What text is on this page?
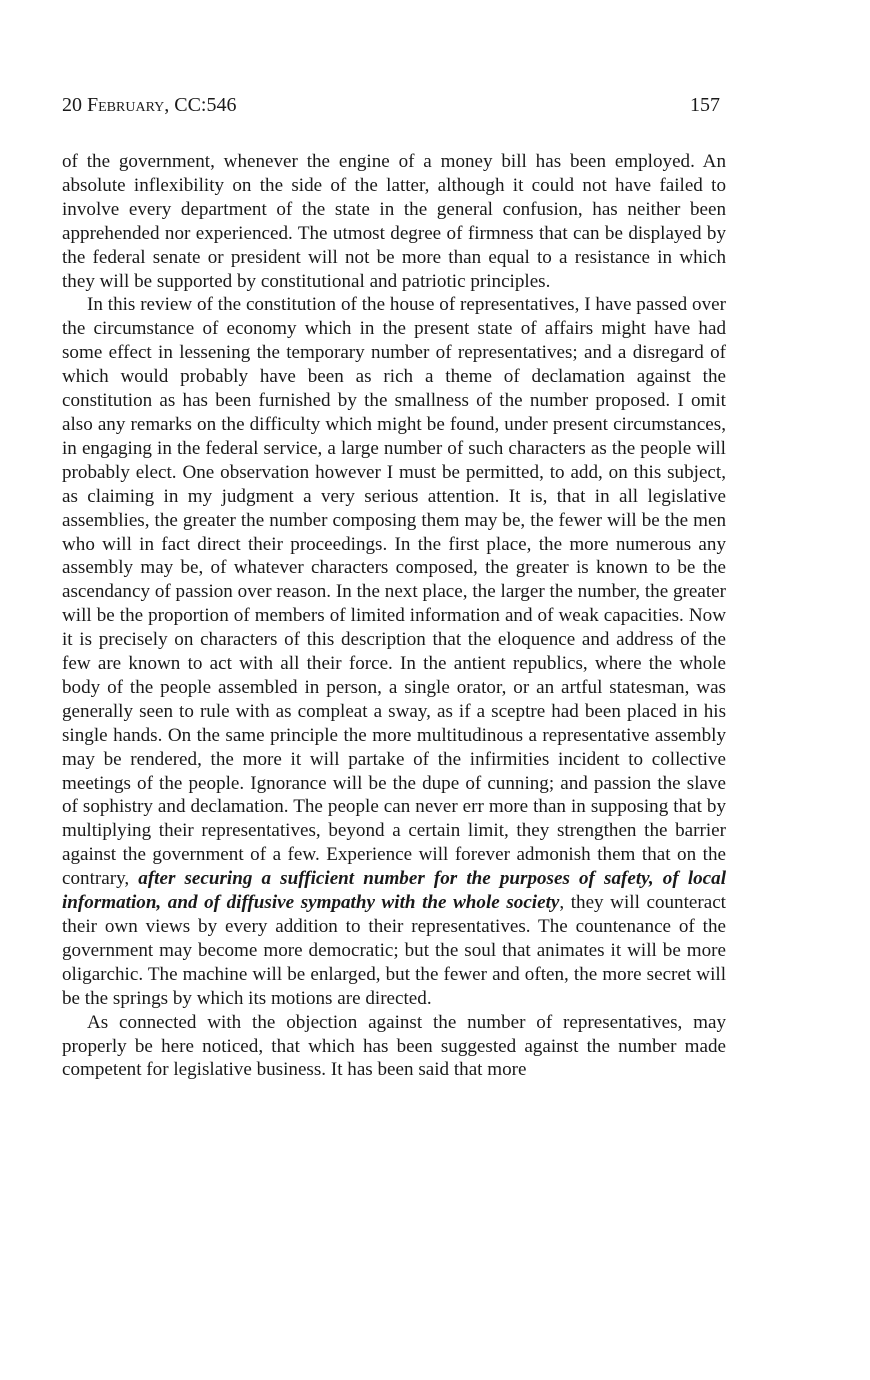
20 February, CC:546	157

of the government, whenever the engine of a money bill has been employed. An absolute inflexibility on the side of the latter, although it could not have failed to involve every department of the state in the general confusion, has neither been apprehended nor experienced. The utmost degree of firmness that can be displayed by the federal senate or president will not be more than equal to a resistance in which they will be supported by constitutional and patriotic principles.

In this review of the constitution of the house of representatives, I have passed over the circumstance of economy which in the present state of affairs might have had some effect in lessening the temporary number of representatives; and a disregard of which would probably have been as rich a theme of declamation against the constitution as has been furnished by the smallness of the number proposed. I omit also any remarks on the difficulty which might be found, under present circumstances, in engaging in the federal service, a large number of such characters as the people will probably elect. One observation however I must be permitted, to add, on this subject, as claiming in my judgment a very serious attention. It is, that in all legislative assemblies, the greater the number composing them may be, the fewer will be the men who will in fact direct their proceedings. In the first place, the more numerous any assembly may be, of whatever characters composed, the greater is known to be the ascendancy of passion over reason. In the next place, the larger the number, the greater will be the proportion of members of limited information and of weak capacities. Now it is precisely on characters of this description that the eloquence and address of the few are known to act with all their force. In the antient republics, where the whole body of the people assembled in person, a single orator, or an artful statesman, was generally seen to rule with as compleat a sway, as if a sceptre had been placed in his single hands. On the same principle the more multitudinous a representative assembly may be rendered, the more it will partake of the infirmities incident to collective meetings of the people. Ignorance will be the dupe of cunning; and passion the slave of sophistry and declamation. The people can never err more than in supposing that by multiplying their representatives, beyond a certain limit, they strengthen the barrier against the government of a few. Experience will forever admonish them that on the contrary, after securing a sufficient number for the purposes of safety, of local information, and of diffusive sympathy with the whole society, they will counteract their own views by every addition to their representatives. The countenance of the government may become more democratic; but the soul that animates it will be more oligarchic. The machine will be enlarged, but the fewer and often, the more secret will be the springs by which its motions are directed.

As connected with the objection against the number of representatives, may properly be here noticed, that which has been suggested against the number made competent for legislative business. It has been said that more
